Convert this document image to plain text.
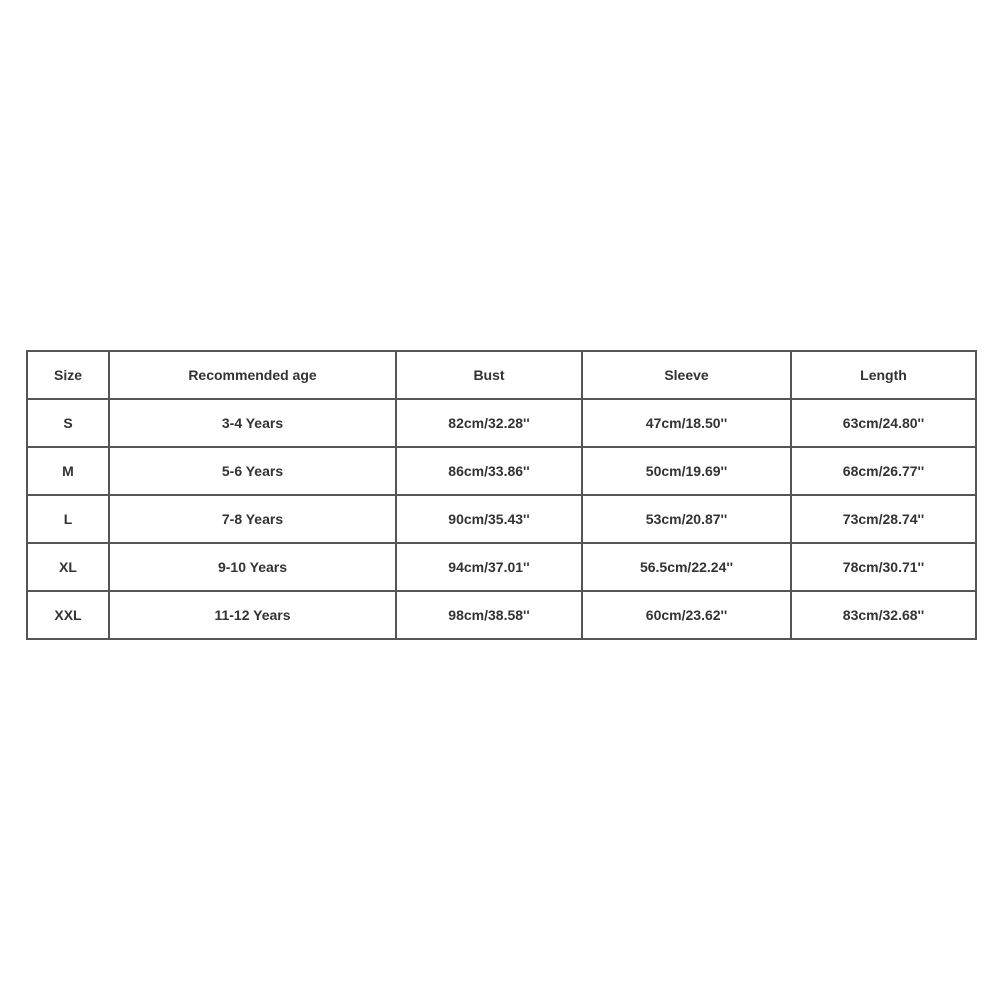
Size	Recommended age	Bust	Sleeve	Length
S	3-4 Years	82cm/32.28''	47cm/18.50''	63cm/24.80''
M	5-6 Years	86cm/33.86''	50cm/19.69''	68cm/26.77''
L	7-8 Years	90cm/35.43''	53cm/20.87''	73cm/28.74''
XL	9-10 Years	94cm/37.01''	56.5cm/22.24''	78cm/30.71''
XXL	11-12 Years	98cm/38.58''	60cm/23.62''	83cm/32.68''
